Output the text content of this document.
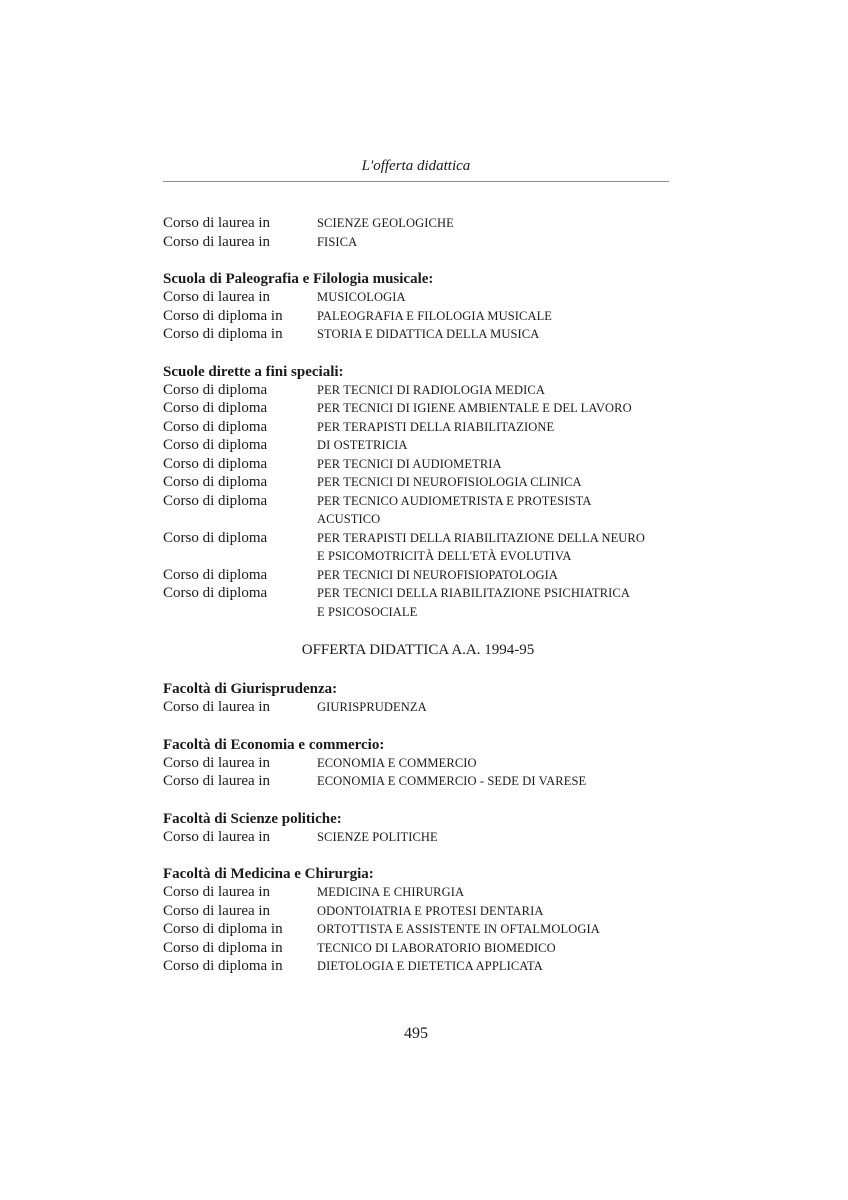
L'offerta didattica
Corso di laurea in	SCIENZE GEOLOGICHE
Corso di laurea in	FISICA
Scuola di Paleografia e Filologia musicale:
Corso di laurea in	MUSICOLOGIA
Corso di diploma in	PALEOGRAFIA E FILOLOGIA MUSICALE
Corso di diploma in	STORIA E DIDATTICA DELLA MUSICA
Scuole dirette a fini speciali:
Corso di diploma	PER TECNICI DI RADIOLOGIA MEDICA
Corso di diploma	PER TECNICI DI IGIENE AMBIENTALE E DEL LAVORO
Corso di diploma	PER TERAPISTI DELLA RIABILITAZIONE
Corso di diploma	DI OSTETRICIA
Corso di diploma	PER TECNICI DI AUDIOMETRIA
Corso di diploma	PER TECNICI DI NEUROFISIOLOGIA CLINICA
Corso di diploma	PER TECNICO AUDIOMETRISTA E PROTESISTA
ACUSTICO
Corso di diploma	PER TERAPISTI DELLA RIABILITAZIONE DELLA NEURO
E PSICOMOTRICITÀ DELL'ETÀ EVOLUTIVA
Corso di diploma	PER TECNICI DI NEUROFISIOPATOLOGIA
Corso di diploma	PER TECNICI DELLA RIABILITAZIONE PSICHIATRICA
E PSICOSOCIALE
OFFERTA DIDATTICA A.A. 1994-95
Facoltà di Giurisprudenza:
Corso di laurea in	GIURISPRUDENZA
Facoltà di Economia e commercio:
Corso di laurea in	ECONOMIA E COMMERCIO
Corso di laurea in	ECONOMIA E COMMERCIO - SEDE DI VARESE
Facoltà di Scienze politiche:
Corso di laurea in	SCIENZE POLITICHE
Facoltà di Medicina e Chirurgia:
Corso di laurea in	MEDICINA E CHIRURGIA
Corso di laurea in	ODONTOIATRIA E PROTESI DENTARIA
Corso di diploma in	ORTOTTISTA E ASSISTENTE IN OFTALMOLOGIA
Corso di diploma in	TECNICO DI LABORATORIO BIOMEDICO
Corso di diploma in	DIETOLOGIA E DIETETICA APPLICATA
495
